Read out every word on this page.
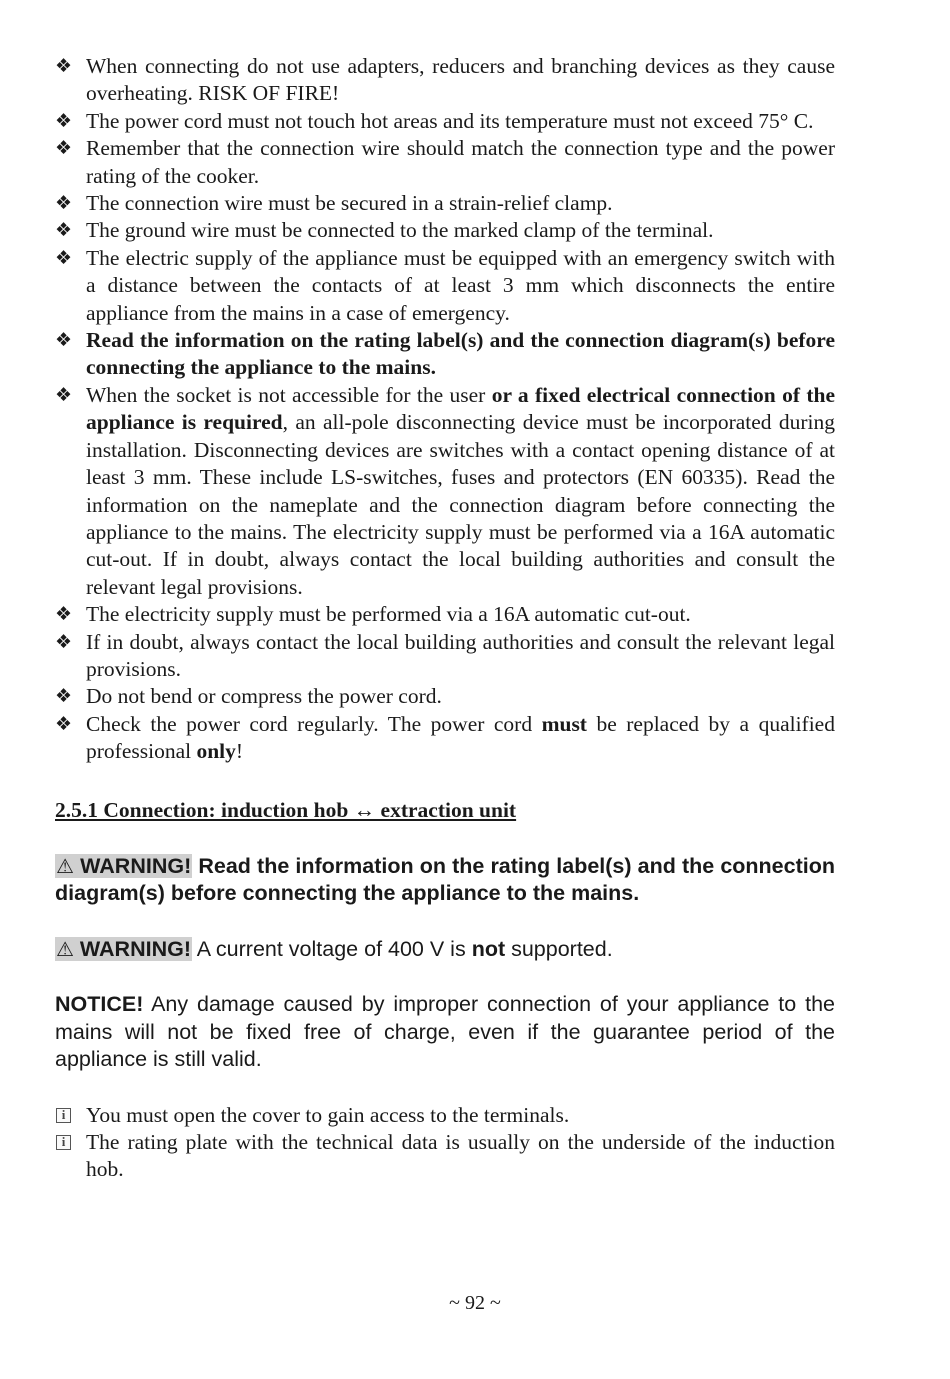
❖ When connecting do not use adapters, reducers and branching devices as they cause overheating. RISK OF FIRE!
❖ The power cord must not touch hot areas and its temperature must not exceed 75° C.
❖ Remember that the connection wire should match the connection type and the power rating of the cooker.
❖ The connection wire must be secured in a strain-relief clamp.
❖ The ground wire must be connected to the marked clamp of the terminal.
❖ The electric supply of the appliance must be equipped with an emergency switch with a distance between the contacts of at least 3 mm which disconnects the entire appliance from the mains in a case of emergency.
❖ Read the information on the rating label(s) and the connection diagram(s) before connecting the appliance to the mains.
❖ When the socket is not accessible for the user or a fixed electrical connection of the appliance is required, an all-pole disconnecting device must be incorporated during installation. Disconnecting devices are switches with a contact opening distance of at least 3 mm. These include LS-switches, fuses and protectors (EN 60335). Read the information on the nameplate and the connection diagram before connecting the appliance to the mains. The electricity supply must be performed via a 16A automatic cut-out. If in doubt, always contact the local building authorities and consult the relevant legal provisions.
❖ The electricity supply must be performed via a 16A automatic cut-out.
❖ If in doubt, always contact the local building authorities and consult the relevant legal provisions.
❖ Do not bend or compress the power cord.
❖ Check the power cord regularly. The power cord must be replaced by a qualified professional only!
2.5.1 Connection: induction hob ↔ extraction unit
⚠ WARNING! Read the information on the rating label(s) and the connection diagram(s) before connecting the appliance to the mains.
⚠ WARNING! A current voltage of 400 V is not supported.
NOTICE! Any damage caused by improper connection of your appliance to the mains will not be fixed free of charge, even if the guarantee period of the appliance is still valid.
i You must open the cover to gain access to the terminals.
i The rating plate with the technical data is usually on the underside of the induction hob.
~ 92 ~
